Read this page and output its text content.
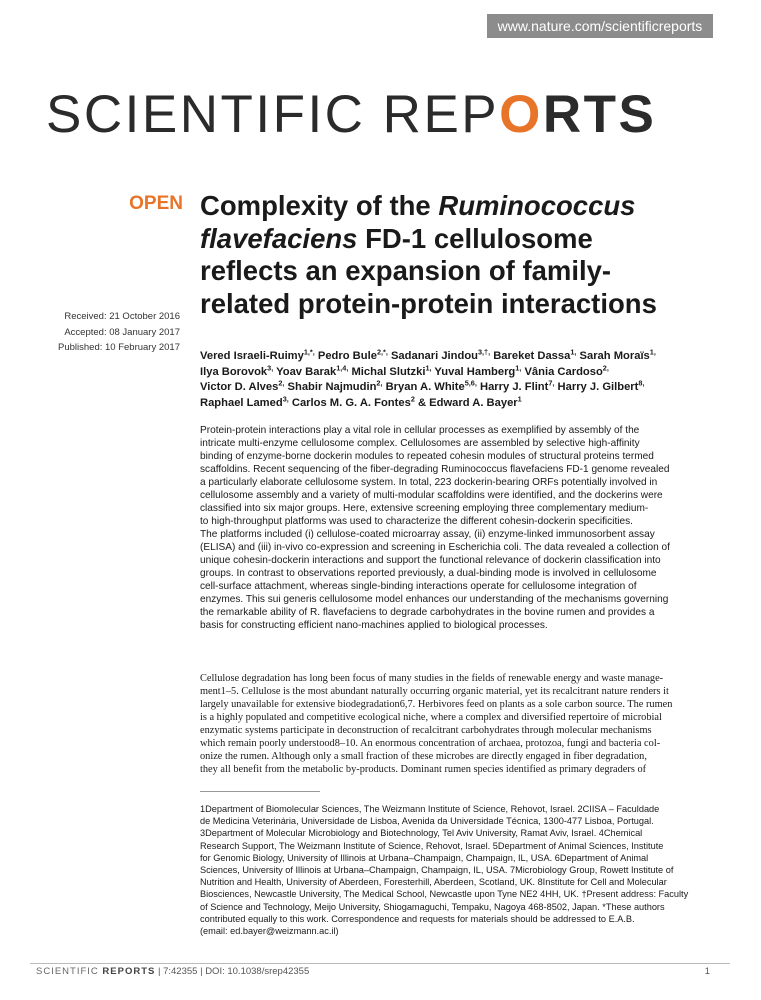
www.nature.com/scientificreports
SCIENTIFIC REPORTS
OPEN Complexity of the Ruminococcus
flavefaciens FD-1 cellulosome
reflects an expansion of family-
related protein-protein interactions
Received: 21 October 2016
Accepted: 08 January 2017
Published: 10 February 2017
Vered Israeli-Ruimy$^{1,*,}$ Pedro Bule$^{2,*,}$ Sadanari Jindou$^{3,\dagger,}$ Bareket Dassa$^{1,}$ Sarah Moraïs$^{1,}$
Ilya Borovok$^{3,}$ Yoav Barak$^{1,4,}$ Michal Slutzki$^{1,}$ Yuval Hamberg$^{1,}$ Vânia Cardoso$^{2,}$
Victor D. Alves$^{2,}$ Shabir Najmudin$^{2,}$ Bryan A. White$^{5,6,}$ Harry J. Flint$^{7,}$ Harry J. Gilbert$^{8,}$
Raphael Lamed$^{3,}$ Carlos M. G. A. Fontes$^2$ & Edward A. Bayer$^1$
Protein-protein interactions play a vital role in cellular processes as exemplified by assembly of the
intricate multi-enzyme cellulosome complex. Cellulosomes are assembled by selective high-affinity
binding of enzyme-borne dockerin modules to repeated cohesin modules of structural proteins termed
scaffoldins. Recent sequencing of the fiber-degrading Ruminococcus flavefaciens FD-1 genome revealed
a particularly elaborate cellulosome system. In total, 223 dockerin-bearing ORFs potentially involved in
cellulosome assembly and a variety of multi-modular scaffoldins were identified, and the dockerins were
classified into six major groups. Here, extensive screening employing three complementary medium-
to high-throughput platforms was used to characterize the different cohesin-dockerin specificities.
The platforms included (i) cellulose-coated microarray assay, (ii) enzyme-linked immunosorbent assay
(ELISA) and (iii) in-vivo co-expression and screening in Escherichia coli. The data revealed a collection of
unique cohesin-dockerin interactions and support the functional relevance of dockerin classification into
groups. In contrast to observations reported previously, a dual-binding mode is involved in cellulosome
cell-surface attachment, whereas single-binding interactions operate for cellulosome integration of
enzymes. This sui generis cellulosome model enhances our understanding of the mechanisms governing
the remarkable ability of R. flavefaciens to degrade carbohydrates in the bovine rumen and provides a
basis for constructing efficient nano-machines applied to biological processes.
Cellulose degradation has long been focus of many studies in the fields of renewable energy and waste manage-
ment1–5. Cellulose is the most abundant naturally occurring organic material, yet its recalcitrant nature renders it
largely unavailable for extensive biodegradation6,7. Herbivores feed on plants as a sole carbon source. The rumen
is a highly populated and competitive ecological niche, where a complex and diversified repertoire of microbial
enzymatic systems participate in deconstruction of recalcitrant carbohydrates through molecular mechanisms
which remain poorly understood8–10. An enormous concentration of archaea, protozoa, fungi and bacteria col-
onize the rumen. Although only a small fraction of these microbes are directly engaged in fiber degradation,
they all benefit from the metabolic by-products. Dominant rumen species identified as primary degraders of
1Department of Biomolecular Sciences, The Weizmann Institute of Science, Rehovot, Israel. 2CIISA – Faculdade
de Medicina Veterinária, Universidade de Lisboa, Avenida da Universidade Técnica, 1300-477 Lisboa, Portugal.
3Department of Molecular Microbiology and Biotechnology, Tel Aviv University, Ramat Aviv, Israel. 4Chemical
Research Support, The Weizmann Institute of Science, Rehovot, Israel. 5Department of Animal Sciences, Institute
for Genomic Biology, University of Illinois at Urbana–Champaign, Champaign, IL, USA. 6Department of Animal
Sciences, University of Illinois at Urbana–Champaign, Champaign, IL, USA. 7Microbiology Group, Rowett Institute of
Nutrition and Health, University of Aberdeen, Foresterhill, Aberdeen, Scotland, UK. 8Institute for Cell and Molecular
Biosciences, Newcastle University, The Medical School, Newcastle upon Tyne NE2 4HH, UK. †Present address: Faculty
of Science and Technology, Meijo University, Shiogamaguchi, Tempaku, Nagoya 468-8502, Japan. *These authors
contributed equally to this work. Correspondence and requests for materials should be addressed to E.A.B.
(email: ed.bayer@weizmann.ac.il)
SCIENTIFIC REPORTS | 7:42355 | DOI: 10.1038/srep42355	1
